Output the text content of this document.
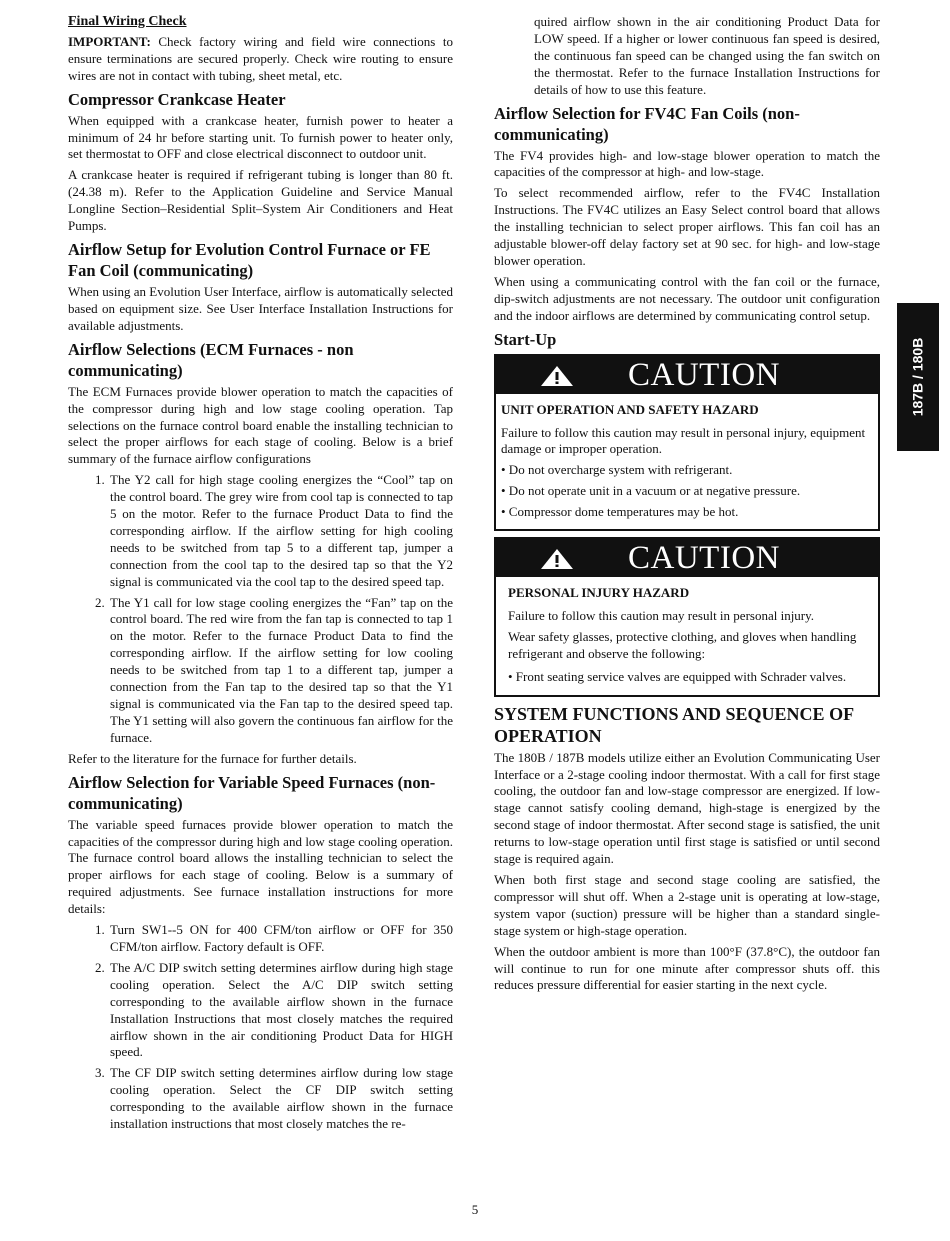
Final Wiring Check

IMPORTANT: Check factory wiring and field wire connections to ensure terminations are secured properly. Check wire routing to ensure wires are not in contact with tubing, sheet metal, etc.

Compressor Crankcase Heater

When equipped with a crankcase heater, furnish power to heater a minimum of 24 hr before starting unit. To furnish power to heater only, set thermostat to OFF and close electrical disconnect to outdoor unit.

A crankcase heater is required if refrigerant tubing is longer than 80 ft. (24.38 m). Refer to the Application Guideline and Service Manual Longline Section–Residential Split–System Air Conditioners and Heat Pumps.

Airflow Setup for Evolution Control Furnace or FE Fan Coil (communicating)

When using an Evolution User Interface, airflow is automatically selected based on equipment size. See User Interface Installation Instructions for available adjustments.

Airflow Selections (ECM Furnaces - non communicating)

The ECM Furnaces provide blower operation to match the capacities of the compressor during high and low stage cooling operation. Tap selections on the furnace control board enable the installing technician to select the proper airflows for each stage of cooling. Below is a brief summary of the furnace airflow configurations

1. The Y2 call for high stage cooling energizes the “Cool” tap on the control board. The grey wire from cool tap is connected to tap 5 on the motor. Refer to the furnace Product Data to find the corresponding airflow. If the airflow setting for high cooling needs to be switched from tap 5 to a different tap, jumper a connection from the cool tap to the desired tap so that the Y2 signal is communicated via the cool tap to the desired speed tap.
2. The Y1 call for low stage cooling energizes the “Fan” tap on the control board. The red wire from the fan tap is connected to tap 1 on the motor. Refer to the furnace Product Data to find the corresponding airflow. If the airflow setting for low cooling needs to be switched from tap 1 to a different tap, jumper a connection from the Fan tap to the desired tap so that the Y1 signal is communicated via the Fan tap to the desired speed tap. The Y1 setting will also govern the continuous fan airflow for the furnace.

Refer to the literature for the furnace for further details.

Airflow Selection for Variable Speed Furnaces (non-communicating)

The variable speed furnaces provide blower operation to match the capacities of the compressor during high and low stage cooling operation. The furnace control board allows the installing technician to select the proper airflows for each stage of cooling. Below is a summary of required adjustments. See furnace installation instructions for more details:

1. Turn SW1--5 ON for 400 CFM/ton airflow or OFF for 350 CFM/ton airflow. Factory default is OFF.
2. The A/C DIP switch setting determines airflow during high stage cooling operation. Select the A/C DIP switch setting corresponding to the available airflow shown in the furnace Installation Instructions that most closely matches the required airflow shown in the air conditioning Product Data for HIGH speed.
3. The CF DIP switch setting determines airflow during low stage cooling operation. Select the CF DIP switch setting corresponding to the available airflow shown in the furnace installation instructions that most closely matches the re-

quired airflow shown in the air conditioning Product Data for LOW speed. If a higher or lower continuous fan speed is desired, the continuous fan speed can be changed using the fan switch on the thermostat. Refer to the furnace Installation Instructions for details of how to use this feature.

Airflow Selection for FV4C Fan Coils (non-communicating)

The FV4 provides high- and low-stage blower operation to match the capacities of the compressor at high- and low-stage.

To select recommended airflow, refer to the FV4C Installation Instructions. The FV4C utilizes an Easy Select control board that allows the installing technician to select proper airflows. This fan coil has an adjustable blower-off delay factory set at 90 sec. for high- and low-stage blower operation.

When using a communicating control with the fan coil or the furnace, dip-switch adjustments are not necessary. The outdoor unit configuration and the indoor airflows are determined by communicating control setup.

Start-Up
CAUTION
UNIT OPERATION AND SAFETY HAZARD

Failure to follow this caution may result in personal injury, equipment damage or improper operation.

• Do not overcharge system with refrigerant.
• Do not operate unit in a vacuum or at negative pressure.
• Compressor dome temperatures may be hot.
CAUTION
PERSONAL INJURY HAZARD

Failure to follow this caution may result in personal injury.

Wear safety glasses, protective clothing, and gloves when handling refrigerant and observe the following:

• Front seating service valves are equipped with Schrader valves.
SYSTEM FUNCTIONS AND SEQUENCE OF OPERATION

The 180B / 187B models utilize either an Evolution Communicating User Interface or a 2-stage cooling indoor thermostat. With a call for first stage cooling, the outdoor fan and low-stage compressor are energized. If low-stage cannot satisfy cooling demand, high-stage is energized by the second stage of indoor thermostat. After second stage is satisfied, the unit returns to low-stage operation until first stage is satisfied or until second stage is required again.

When both first stage and second stage cooling are satisfied, the compressor will shut off. When a 2-stage unit is operating at low-stage, system vapor (suction) pressure will be higher than a standard single-stage system or high-stage operation.

When the outdoor ambient is more than 100°F (37.8°C), the outdoor fan will continue to run for one minute after compressor shuts off. this reduces pressure differential for easier starting in the next cycle.

187B / 180B
5
